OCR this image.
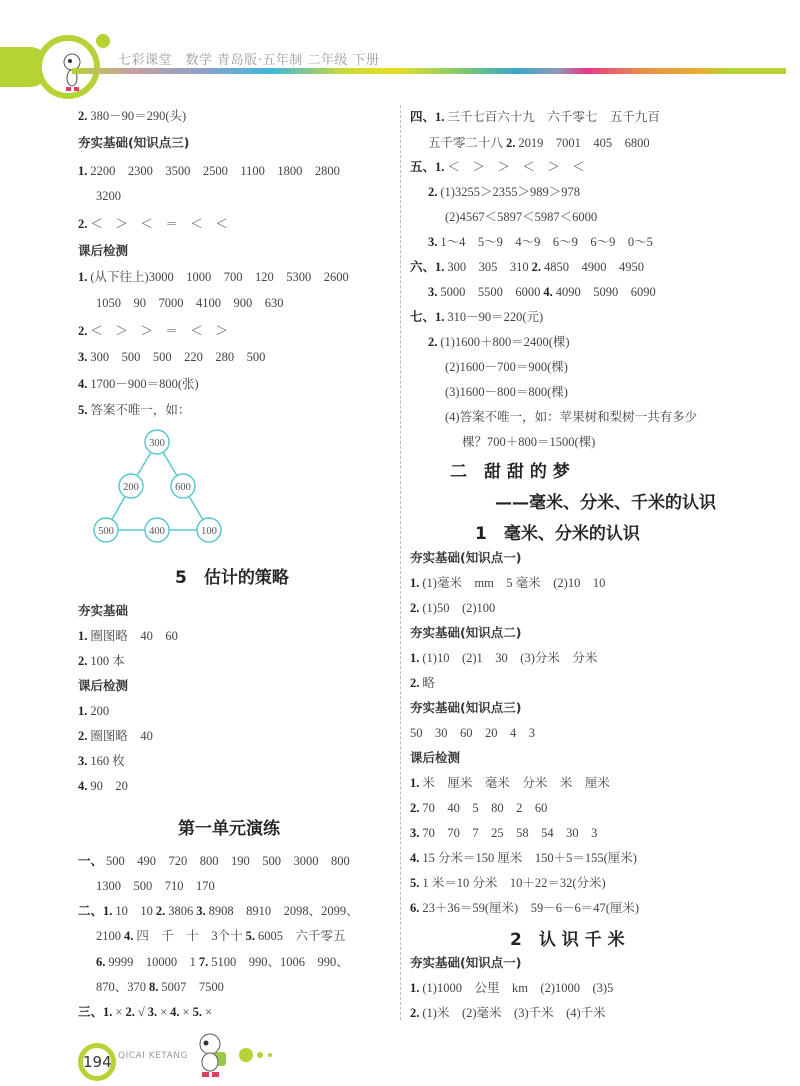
七彩课堂　数学 青岛版·五年制 二年级 下册
2. 380－90＝290(头)
夯实基础(知识点三)
1. 2200　2300　3500　2500　1100　1800　2800
3200
2. ＜　＞　＜　＝　＜　＜
课后检测
1. (从下往上)3000　1000　700　120　5300　2600
1050　90　7000　4100　900　630
2. ＜　＞　＞　＝　＜　＞
3. 300　500　500　220　280　500
4. 1700－900＝800(张)
5. 答案不唯一，如：
5　估计的策略
夯实基础
1. 圈图略　40　60
2. 100 本
课后检测
1. 200
2. 圈图略　40
3. 160 枚
4. 90　20
第一单元演练
一、 500　490　720　800　190　500　3000　800
1300　500　710　170
二、1. 10　10 2. 3806 3. 8908　8910　2098、2099、
2100 4. 四　千　十　3个十 5. 6005　六千零五
6. 9999　10000　1 7. 5100　990、1006　990、
870、370 8. 5007　7500
三、1. × 2. √ 3. × 4. × 5. ×
四、1. 三千七百六十九　六千零七　五千九百
五千零二十八 2. 2019　7001　405　6800
五、1. ＜　＞　＞　＜　＞　＜
2. (1)3255＞2355＞989＞978
(2)4567＜5897＜5987＜6000
3. 1～4　5～9　4～9　6～9　6～9　0～5
六、1. 300　305　310 2. 4850　4900　4950
3. 5000　5500　6000 4. 4090　5090　6090
七、1. 310－90＝220(元)
2. (1)1600＋800＝2400(棵)
(2)1600－700＝900(棵)
(3)1600－800＝800(棵)
(4)答案不唯一，如：苹果树和梨树一共有多少
棵？700＋800＝1500(棵)
二　甜 甜 的 梦
——毫米、分米、千米的认识
1　毫米、分米的认识
夯实基础(知识点一)
1. (1)毫米　mm　5 毫米　(2)10　10
2. (1)50　(2)100
夯实基础(知识点二)
1. (1)10　(2)1　30　(3)分米　分米
2. 略
夯实基础(知识点三)
50　30　60　20　4　3
课后检测
1. 米　厘米　毫米　分米　米　厘米
2. 70　40　5　80　2　60
3. 70　70　7　25　58　54　30　3
4. 15 分米＝150 厘米　150＋5＝155(厘米)
5. 1 米＝10 分米　10＋22＝32(分米)
6. 23＋36＝59(厘米)　59－6－6＝47(厘米)
2　认 识 千 米
夯实基础(知识点一)
1. (1)1000　公里　km　(2)1000　(3)5
2. (1)米　(2)毫米　(3)千米　(4)千米
300
200	600
500	400	100
194 QICAI KETANG
